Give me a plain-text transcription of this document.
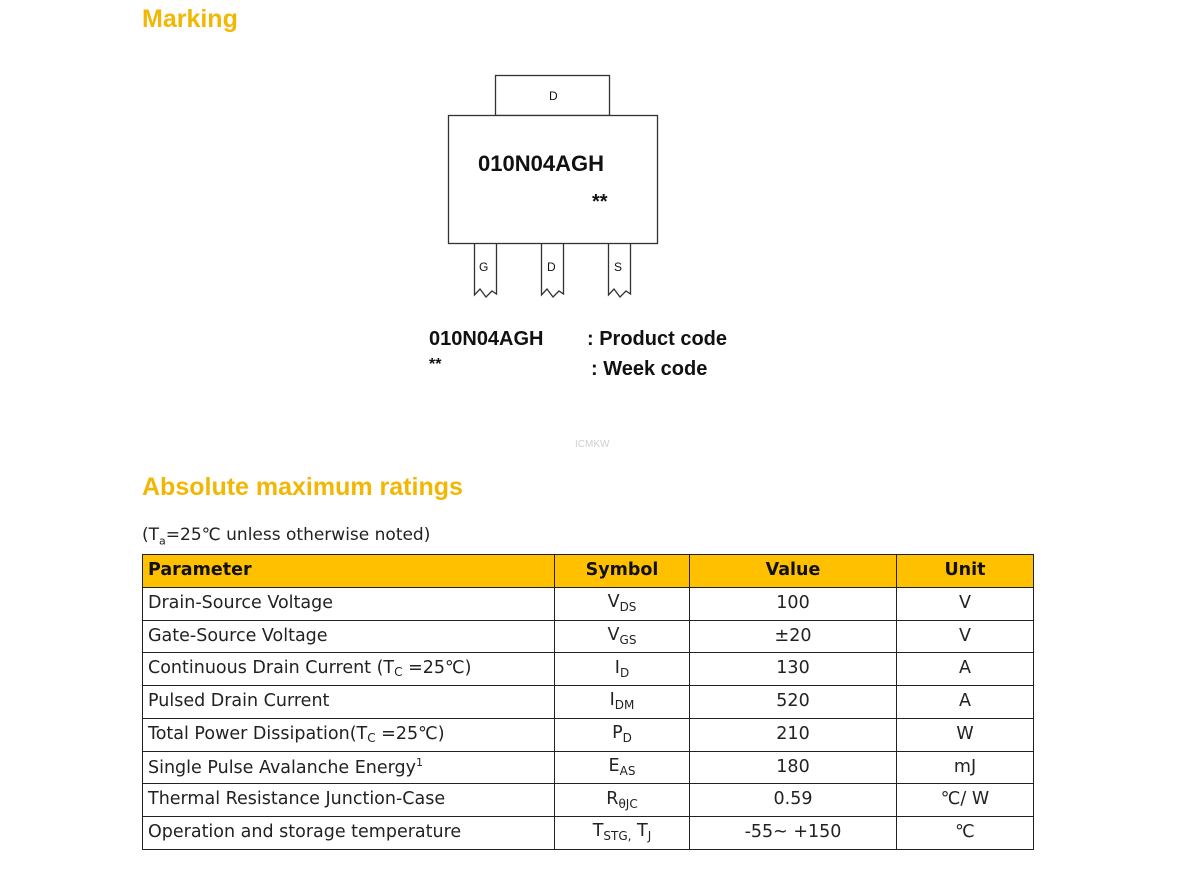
Marking
D
010N04AGH
**
G	D	S
010N04AGH : Product code
**	: Week code
ICMKW
Absolute maximum ratings
($T_a=25℃$ unless otherwise noted)
Parameter	Symbol	Value	Unit
Drain-Source Voltage	$V_{DS}$	100	V
Gate-Source Voltage	$V_{GS}$	±20	V
Continuous Drain Current (TC =25℃)	$I_D$	130	A
Pulsed Drain Current	$I_{DM}$	520	A
Total Power Dissipation(TC =25℃)	$P_D$	210	W
Single Pulse Avalanche Energy$^1$	$E_{AS}$	180	mJ
Thermal Resistance Junction-Case	$R_{\theta JC}$	0.59	℃/ W
Operation and storage temperature	$T_{STG,}$ $T_J$	-55~ +150	℃
